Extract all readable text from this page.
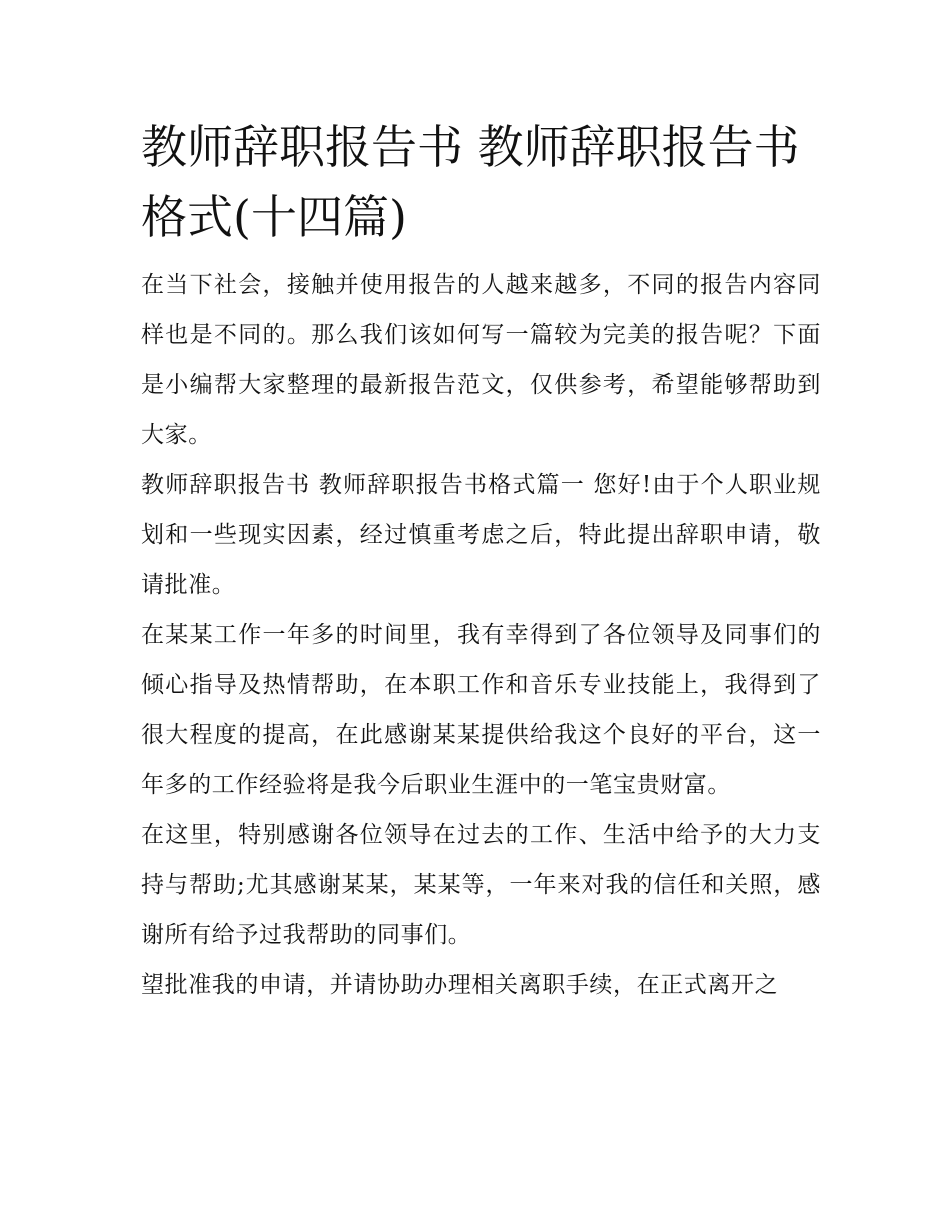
教师辞职报告书 教师辞职报告书格式(十四篇)

在当下社会，接触并使用报告的人越来越多，不同的报告内容同样也是不同的。那么我们该如何写一篇较为完美的报告呢？下面是小编帮大家整理的最新报告范文，仅供参考，希望能够帮助到大家。

教师辞职报告书 教师辞职报告书格式篇一 您好!由于个人职业规划和一些现实因素，经过慎重考虑之后，特此提出辞职申请，敬请批准。

在某某工作一年多的时间里，我有幸得到了各位领导及同事们的倾心指导及热情帮助，在本职工作和音乐专业技能上，我得到了很大程度的提高，在此感谢某某提供给我这个良好的平台，这一年多的工作经验将是我今后职业生涯中的一笔宝贵财富。

在这里，特别感谢各位领导在过去的工作、生活中给予的大力支持与帮助;尤其感谢某某，某某等，一年来对我的信任和关照，感谢所有给予过我帮助的同事们。

望批准我的申请，并请协助办理相关离职手续，在正式离开之
